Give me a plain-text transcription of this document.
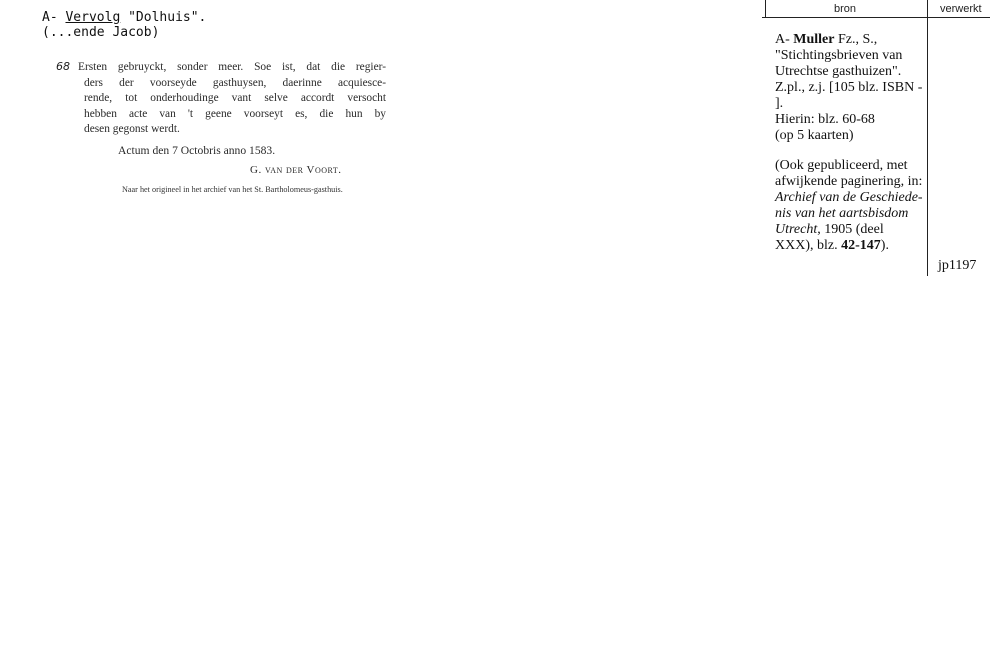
A- Vervolg "Dolhuis".
(...ende Jacob)
68 Ersten gebruyckt, sonder meer. Soe ist, dat die regier-
ders der voorseyde gasthuysen, daerinne acquiesce-
rende, tot onderhoudinge vant selve accordt versocht
hebben acte van 't geene voorseyt es, die hun by
desen gegonst werdt.
Actum den 7 Octobris anno 1583.
G. van der Voort.
Naar het origineel in het archief van het St. Bartholomeus-gasthuis.
bron	verwerkt
A- Muller Fz., S.,
"Stichtingsbrieven van
Utrechtse gasthuizen".
Z.pl., z.j. [105 blz. ISBN -
].
Hierin: blz. 60-68
(op 5 kaarten)
(Ook gepubliceerd, met
afwijkende paginering, in:
Archief van de Geschiede-
nis van het aartsbisdom
Utrecht, 1905 (deel
XXX), blz. 42-147).
jp1197
